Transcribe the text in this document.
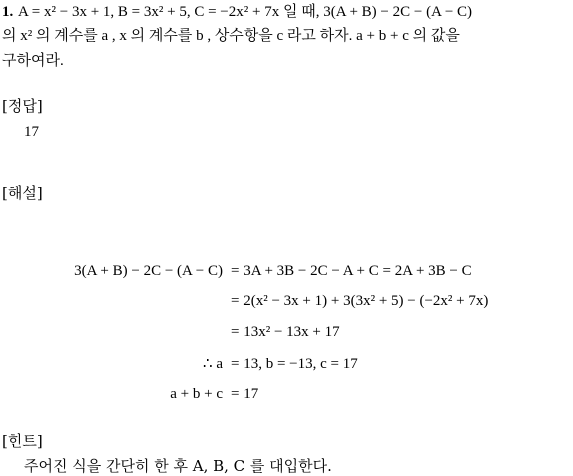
1. A = x² − 3x + 1, B = 3x² + 5, C = −2x² + 7x 일 때, 3(A + B) − 2C − (A − C)
의 x² 의 계수를 a , x 의 계수를 b , 상수항을 c 라고 하자. a + b + c 의 값을
구하여라.
[정답]
17
[해설]
3(A + B) − 2C − (A − C) = 3A + 3B − 2C − A + C = 2A + 3B − C
= 2(x² − 3x + 1) + 3(3x² + 5) − (−2x² + 7x)
= 13x² − 13x + 17
∴ a = 13, b = −13, c = 17
a + b + c = 17
[힌트]
주어진 식을 간단히 한 후 A, B, C 를 대입한다.
